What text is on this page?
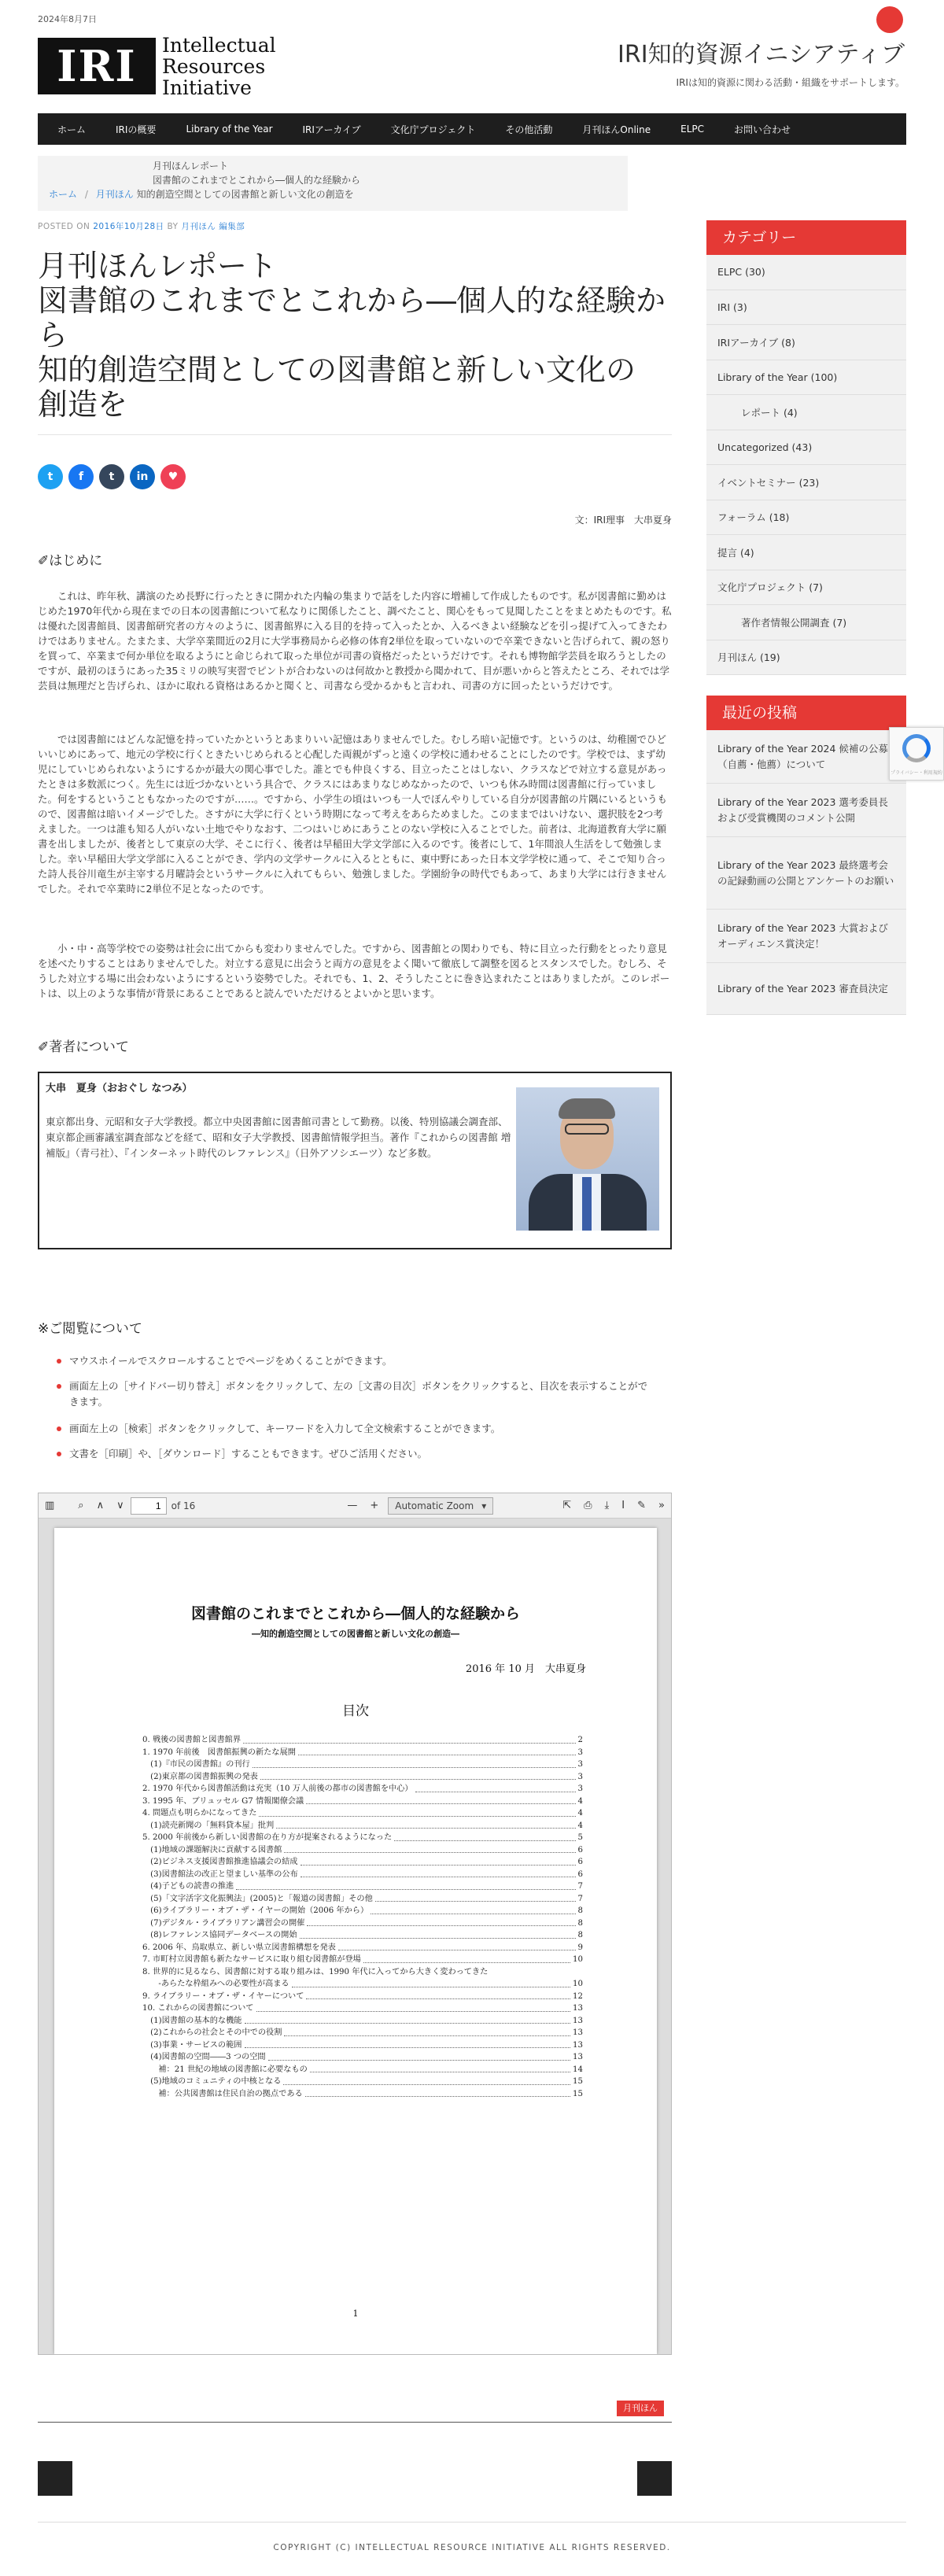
2024年8月7日
IRI	Intellectual
Resources
Initiative
IRI知的資源イニシアティブ
IRIは知的資源に関わる活動・組織をサポートします。
ホーム	IRIの概要	Library of the Year	IRIアーカイブ	文化庁プロジェクト	その他活動	月刊ほんOnline	ELPC	お問い合わせ
月刊ほんレポート
図書館のこれまでとこれから―個人的な経験から
ホーム / 月刊ほん 知的創造空間としての図書館と新しい文化の創造を
POSTED ON 2016年10月28日 BY 月刊ほん 編集部
月刊ほんレポート
図書館のこれまでとこれから―個人的な経験から
知的創造空間としての図書館と新しい文化の
創造を
t	f	t	in	♥
文：IRI理事　大串夏身
✐はじめに
これは、昨年秋、講演のため長野に行ったときに開かれた内輪の集まりで話をした内容に増補して作成したものです。私が図書館に勤めはじめた1970年代から現在までの日本の図書館について私なりに関係したこと、調べたこと、関心をもって見聞したことをまとめたものです。私は優れた図書館員、図書館研究者の方々のように、図書館界に入る目的を持って入ったとか、入るべきよい経験などを引っ提げて入ってきたわけではありません。たまたま、大学卒業間近の2月に大学事務局から必修の体育2単位を取っていないので卒業できないと告げられて、親の怒りを買って、卒業まで何か単位を取るようにと命じられて取った単位が司書の資格だったというだけです。それも博物館学芸員を取ろうとしたのですが、最初のほうにあった35ミリの映写実習でピントが合わないのは何故かと教授から聞かれて、目が悪いからと答えたところ、それでは学芸員は無理だと告げられ、ほかに取れる資格はあるかと聞くと、司書なら受かるかもと言われ、司書の方に回ったというだけです。
では図書館にはどんな記憶を持っていたかというとあまりいい記憶はありませんでした。むしろ暗い記憶です。というのは、幼稚園でひどいいじめにあって、地元の学校に行くときたいじめられると心配した両親がずっと遠くの学校に通わせることにしたのです。学校では、まず幼児にしていじめられないようにするかが最大の関心事でした。誰とでも仲良くする、目立ったことはしない、クラスなどで対立する意見があったときは多数派につく。先生には近づかないという具合で、クラスにはあまりなじめなかったので、いつも休み時間は図書館に行っていました。何をするということもなかったのですが……。ですから、小学生の頃はいつも一人でぼんやりしている自分が図書館の片隅にいるというもので、図書館は暗いイメージでした。さすがに大学に行くという時期になって考えをあらためました。このままではいけない、選択肢を2つ考えました。一つは誰も知る人がいない土地でやりなおす、二つはいじめにあうことのない学校に入ることでした。前者は、北海道教育大学に願書を出しましたが、後者として東京の大学、そこに行く、後者は早稲田大学文学部に入るのです。後者にして、1年間浪人生活をして勉強しました。幸い早稲田大学文学部に入ることができ、学内の文学サークルに入るとともに、東中野にあった日本文学学校に通って、そこで知り合った詩人長谷川竜生が主宰する月曜詩会というサークルに入れてもらい、勉強しました。学園紛争の時代でもあって、あまり大学には行きませんでした。それで卒業時に2単位不足となったのです。
小・中・高等学校での姿勢は社会に出てからも変わりませんでした。ですから、図書館との関わりでも、特に目立った行動をとったり意見を述べたりすることはありませんでした。対立する意見に出会うと両方の意見をよく聞いて徹底して調整を図るとスタンスでした。むしろ、そうした対立する場に出会わないようにするという姿勢でした。それでも、1、2、そうしたことに巻き込まれたことはありましたが。このレポートは、以上のような事情が背景にあることであると読んでいただけるとよいかと思います。
✐著者について
大串　夏身（おおぐし なつみ）
東京都出身、元昭和女子大学教授。都立中央図書館に図書館司書として勤務。以後、特別協議会調査部、東京都企画審議室調査部などを経て、昭和女子大学教授、図書館情報学担当。著作『これからの図書館 増補版』（青弓社）、『インターネット時代のレファレンス』（日外アソシエーツ）など多数。
※ご閲覧について
マウスホイールでスクロールすることでページをめくることができます。
画面左上の［サイドバー切り替え］ボタンをクリックして、左の［文書の目次］ボタンをクリックすると、目次を表示することができます。
画面左上の［検索］ボタンをクリックして、キーワードを入力して全文検索することができます。
文書を［印刷］や、［ダウンロード］することもできます。ぜひご活用ください。
▥	⌕	∧	∨
1	of 16	—	+	Automatic Zoom ▾	⇱	⎙	⤓	I	✎	»
図書館のこれまでとこれから―個人的な経験から
―知的創造空間としての図書館と新しい文化の創造―
2016 年 10 月　大串夏身
目次
0. 戦後の図書館と図書館界	2
1. 1970 年前後　図書館振興の新たな展開	3
　(1)『市民の図書館』の刊行	3
　(2)東京都の図書館振興の発表	3
2. 1970 年代から図書館活動は充実（10 万人前後の都市の図書館を中心）	3
3. 1995 年、ブリュッセル G7 情報閣僚会議	4
4. 問題点も明らかになってきた	4
　(1)読売新聞の「無料貸本屋」批判	4
5. 2000 年前後から新しい図書館の在り方が提案されるようになった	5
　(1)地域の課題解決に貢献する図書館	6
　(2)ビジネス支援図書館推進協議会の結成	6
　(3)図書館法の改正と望ましい基準の公布	6
　(4)子どもの読書の推進	7
　(5)「文字活字文化振興法」(2005)と「報道の図書館」その他	7
　(6)ライブラリー・オブ・ザ・イヤーの開始（2006 年から）	8
　(7)デジタル・ライブラリアン講習会の開催	8
　(8)レファレンス協同データベースの開始	8
6. 2006 年、鳥取県立、新しい県立図書館構想を発表	9
7. 市町村立図書館も新たなサービスに取り組む図書館が登場	10
8. 世界的に見るなら、図書館に対する取り組みは、1990 年代に入ってから大きく変わってきた
　　-あらたな枠組みへの必要性が高まる	10
9. ライブラリー・オブ・ザ・イヤーについて	12
10. これからの図書館について	13
　(1)図書館の基本的な機能	13
　(2)これからの社会とその中での役割	13
　(3)事業・サービスの範囲	13
　(4)図書館の空間――3 つの空間	13
　　補：21 世紀の地域の図書館に必要なもの	14
　(5)地域のコミュニティの中核となる	15
　　補：公共図書館は住民自治の拠点である	15
1
月刊ほん
COPYRIGHT (C) INTELLECTUAL RESOURCE INITIATIVE ALL RIGHTS RESERVED.
カテゴリー
ELPC (30)
IRI (3)
IRIアーカイブ (8)
Library of the Year (100)
レポート (4)
Uncategorized (43)
イベントセミナー (23)
フォーラム (18)
提言 (4)
文化庁プロジェクト (7)
著作者情報公開調査 (7)
月刊ほん (19)
最近の投稿
Library of the Year 2024 候補の公募（自薦・他薦）について
Library of the Year 2023 選考委員長および受賞機関のコメント公開
Library of the Year 2023 最終選考会の記録動画の公開とアンケートのお願い
Library of the Year 2023 大賞およびオーディエンス賞決定！
Library of the Year 2023 審査員決定
プライバシー・利用規約
